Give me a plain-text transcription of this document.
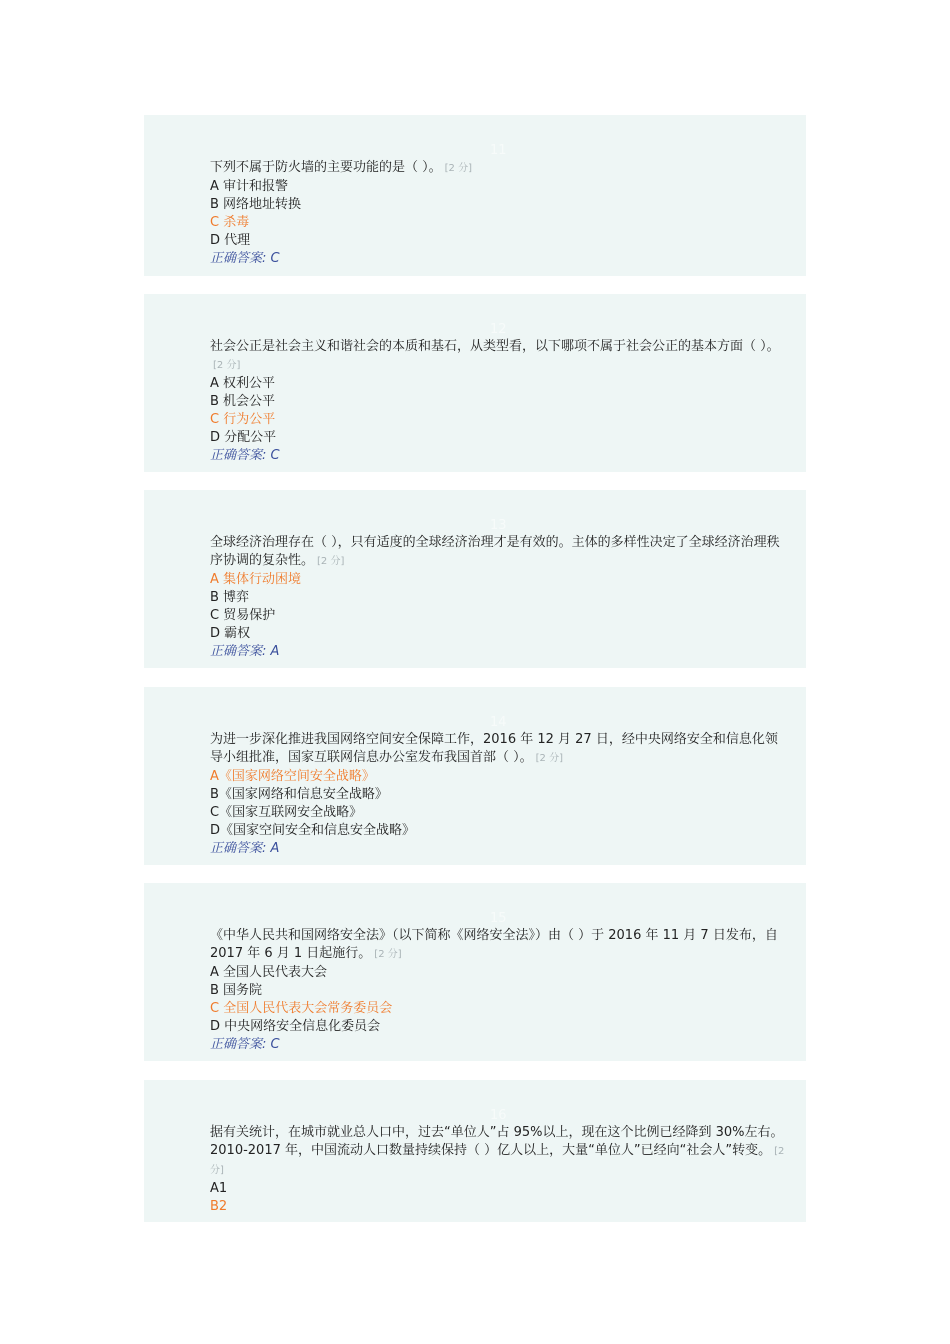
11

下列不属于防火墙的主要功能的是（ ）。 [2 分]

A 审计和报警

B 网络地址转换

C 杀毒

D 代理

正确答案: C

12

社会公正是社会主义和谐社会的本质和基石，从类型看，以下哪项不属于社会公正的基本方面（ ）。[2 分]

A 权利公平

B 机会公平

C 行为公平

D 分配公平

正确答案: C

13

全球经济治理存在（ ），只有适度的全球经济治理才是有效的。主体的多样性决定了全球经济治理秩序协调的复杂性。 [2 分]

A 集体行动困境

B 博弈

C 贸易保护

D 霸权

正确答案: A

14

为进一步深化推进我国网络空间安全保障工作，2016 年 12 月 27 日，经中央网络安全和信息化领导小组批准，国家互联网信息办公室发布我国首部（ ）。 [2 分]

A《国家网络空间安全战略》

B《国家网络和信息安全战略》

C《国家互联网安全战略》

D《国家空间安全和信息安全战略》

正确答案: A

15

《中华人民共和国网络安全法》（以下简称《网络安全法》）由（ ）于 2016 年 11 月 7 日发布，自 2017 年 6 月 1 日起施行。 [2 分]

A 全国人民代表大会

B 国务院

C 全国人民代表大会常务委员会

D 中央网络安全信息化委员会

正确答案: C

16

据有关统计，在城市就业总人口中，过去“单位人”占 95%以上，现在这个比例已经降到 30%左右。2010-2017 年，中国流动人口数量持续保持（ ）亿人以上，大量“单位人”已经向“社会人”转变。 [2 分]

A1

B2
